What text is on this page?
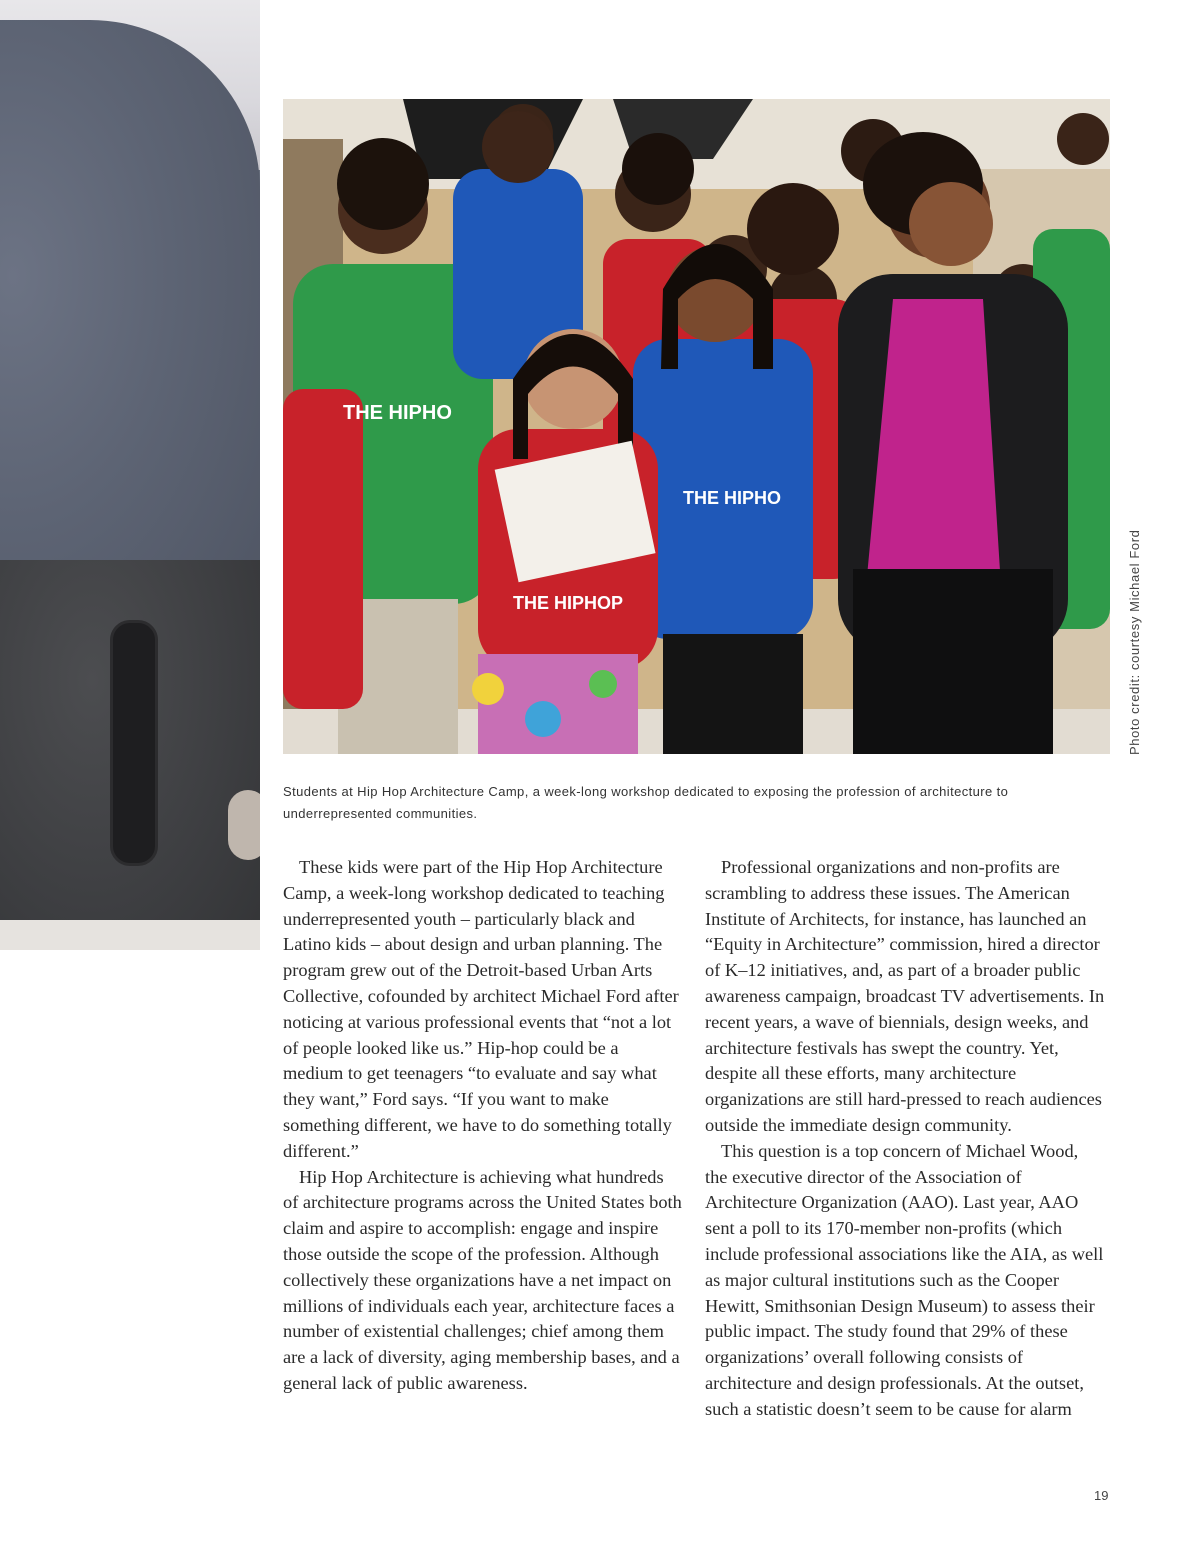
THE HIPHO
THE HIPHO
THE HIPHOP	Photo credit: courtesy Michael Ford

Students at Hip Hop Architecture Camp, a week-long workshop dedicated to exposing the profession of architecture to underrepresented communities.

These kids were part of the Hip Hop Architecture Camp, a week-long workshop dedicated to teaching underrepresented youth – particularly black and Latino kids – about design and urban planning. The program grew out of the Detroit-based Urban Arts Collective, cofounded by architect Michael Ford after noticing at various professional events that “not a lot of people looked like us.” Hip-hop could be a medium to get teenagers “to evaluate and say what they want,” Ford says. “If you want to make something different, we have to do something totally different.”

Hip Hop Architecture is achieving what hundreds of architecture programs across the United States both claim and aspire to accomplish: engage and inspire those outside the scope of the profession. Although collectively these organizations have a net impact on millions of individuals each year, architecture faces a number of existential challenges; chief among them are a lack of diversity, aging membership bases, and a general lack of public awareness.

Professional organizations and non-profits are scrambling to address these issues. The American Institute of Architects, for instance, has launched an “Equity in Architecture” commission, hired a director of K–12 initiatives, and, as part of a broader public awareness campaign, broadcast TV advertisements. In recent years, a wave of biennials, design weeks, and architecture festivals has swept the country. Yet, despite all these efforts, many architecture organizations are still hard-pressed to reach audiences outside the immediate design community.

This question is a top concern of Michael Wood, the executive director of the Association of Architecture Organization (AAO). Last year, AAO sent a poll to its 170-member non-profits (which include professional associations like the AIA, as well as major cultural institutions such as the Cooper Hewitt, Smithsonian Design Museum) to assess their public impact. The study found that 29% of these organizations’ overall following consists of architecture and design professionals. At the outset, such a statistic doesn’t seem to be cause for alarm

19
